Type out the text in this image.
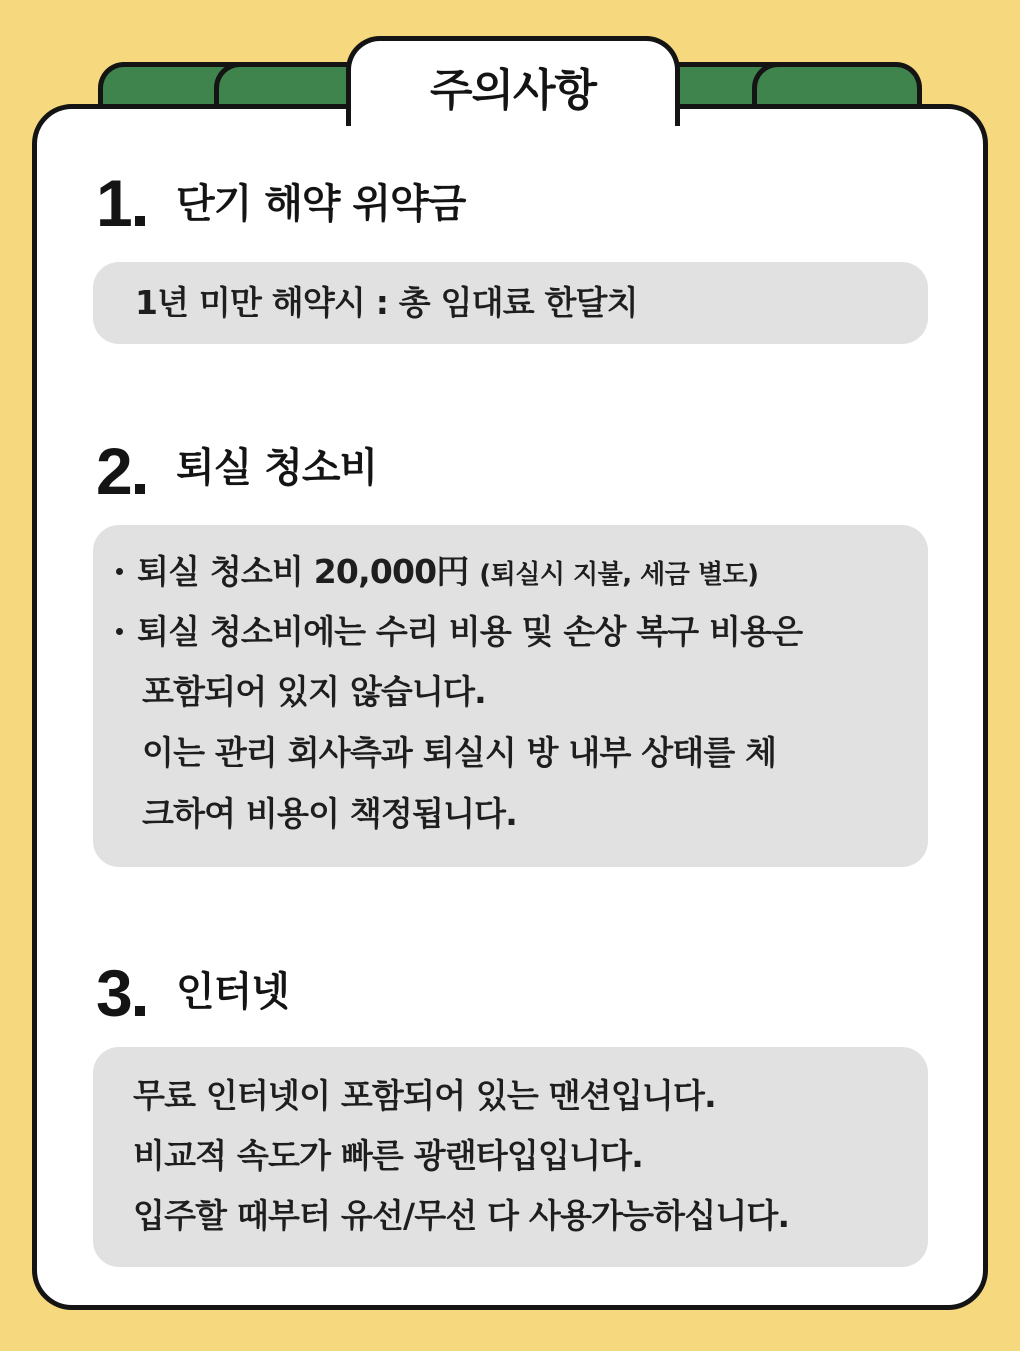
주의사항
1	단기 해약 위약금
1년 미만 해약시 : 총 임대료 한달치
2	퇴실 청소비
퇴실 청소비 20,000円 (퇴실시 지불, 세금 별도)
퇴실 청소비에는 수리 비용 및 손상 복구 비용은
포함되어 있지 않습니다.
이는 관리 회사측과 퇴실시 방 내부 상태를 체
크하여 비용이 책정됩니다.
3	인터넷
무료 인터넷이 포함되어 있는 맨션입니다.
비교적 속도가 빠른 광랜타입입니다.
입주할 때부터 유선/무선 다 사용가능하십니다.
